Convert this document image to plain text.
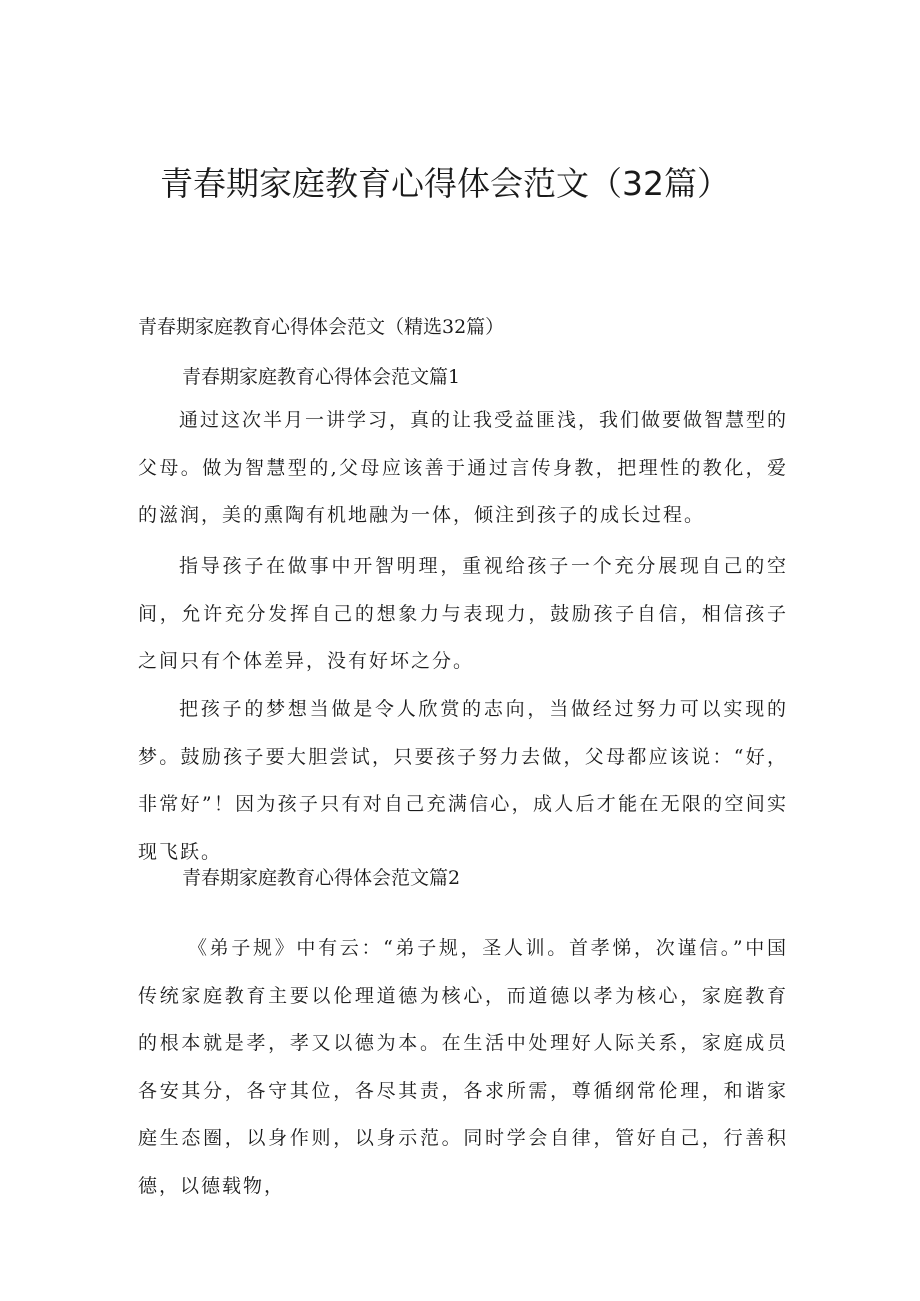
青春期家庭教育心得体会范文（32篇）
青春期家庭教育心得体会范文（精选32篇）
青春期家庭教育心得体会范文篇1

通过这次半月一讲学习，真的让我受益匪浅，我们做要做智慧型的父母。做为智慧型的,父母应该善于通过言传身教，把理性的教化，爱的滋润，美的熏陶有机地融为一体，倾注到孩子的成长过程。

指导孩子在做事中开智明理，重视给孩子一个充分展现自己的空间，允许充分发挥自己的想象力与表现力，鼓励孩子自信，相信孩子之间只有个体差异，没有好坏之分。

把孩子的梦想当做是令人欣赏的志向，当做经过努力可以实现的梦。鼓励孩子要大胆尝试，只要孩子努力去做，父母都应该说：“好，非常好”！因为孩子只有对自己充满信心，成人后才能在无限的空间实现飞跃。

青春期家庭教育心得体会范文篇2

《弟子规》中有云：“弟子规，圣人训。首孝悌，次谨信。”中国传统家庭教育主要以伦理道德为核心，而道德以孝为核心，家庭教育的根本就是孝，孝又以德为本。在生活中处理好人际关系，家庭成员各安其分，各守其位，各尽其责，各求所需，尊循纲常伦理，和谐家庭生态圈，以身作则，以身示范。同时学会自律，管好自己，行善积德，以德载物，
